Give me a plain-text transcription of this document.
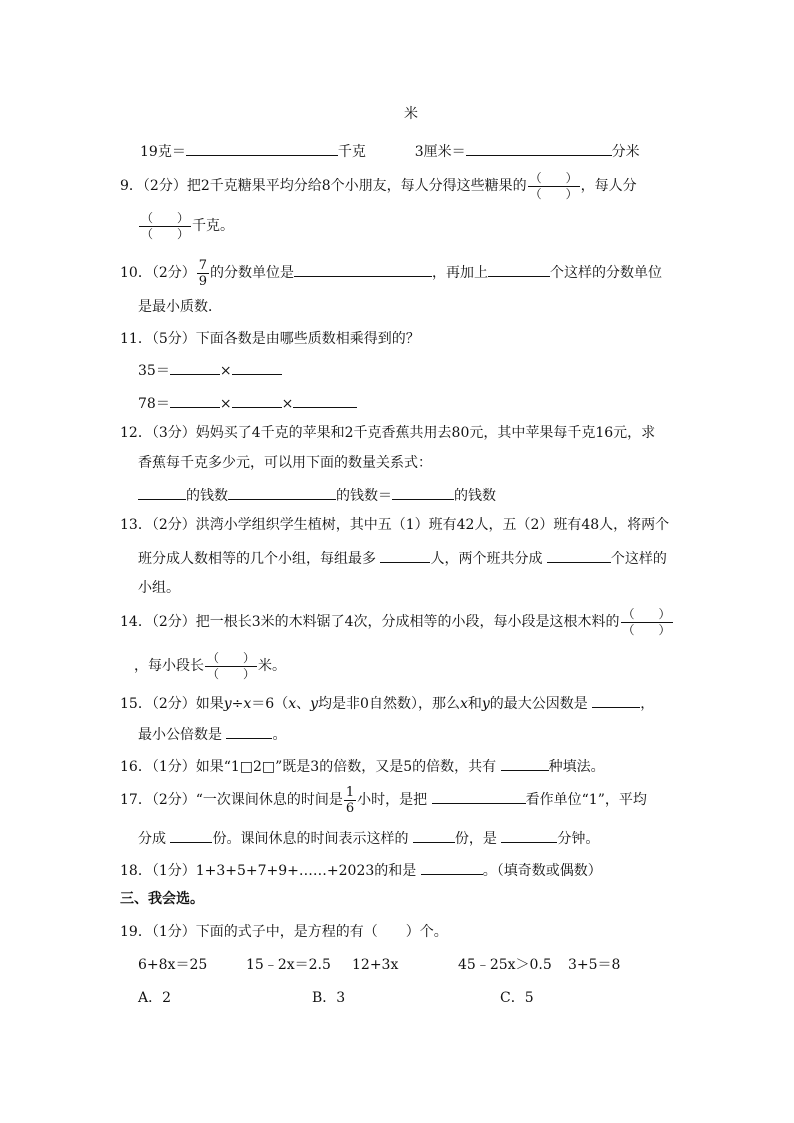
米
19克＝	千克	3厘米＝	分米
9．（2分）把2千克糖果平均分给8个小朋友，每人分得这些糖果的 $\frac{( )}{( )}$ ，每人分
$\frac{( )}{( )}$ 千克。
10．（2分） $\frac{7}{9}$ 的分数单位是	，再加上	个这样的分数单位
是最小质数．
11．（5分）下面各数是由哪些质数相乘得到的？
35＝	×
78＝	×	×
12．（3分）妈妈买了4千克的苹果和2千克香蕉共用去80元，其中苹果每千克16元，求
香蕉每千克多少元，可以用下面的数量关系式：
的钱数	的钱数＝	的钱数
13．（2分）洪湾小学组织学生植树，其中五（1）班有42人，五（2）班有48人，将两个
班分成人数相等的几个小组，每组最多	人，两个班共分成	个这样的
小组。
14．（2分）把一根长3米的木料锯了4次，分成相等的小段，每小段是这根木料的 $\frac{( )}{( )}$
，每小段长 $\frac{( )}{( )}$ 米。
15．（2分）如果y÷x＝6（x、y均是非0自然数），那么x和y的最大公因数是	，
最小公倍数是	。
16．（1分）如果“1□2□”既是3的倍数，又是5的倍数，共有	种填法。
17．（2分）“一次课间休息的时间是 $\frac{1}{6}$ 小时，是把	看作单位“1”，平均
分成	份。课间休息的时间表示这样的	份，是	分钟。
18．（1分）1+3+5+7+9+……+2023的和是	。（填奇数或偶数）
三、我会选。
19．（1分）下面的式子中，是方程的有（　　）个。
6+8x＝25	15﹣2x＝2.5 12+3x	45﹣25x＞0.5 3+5＝8
A．2	B．3	C．5
